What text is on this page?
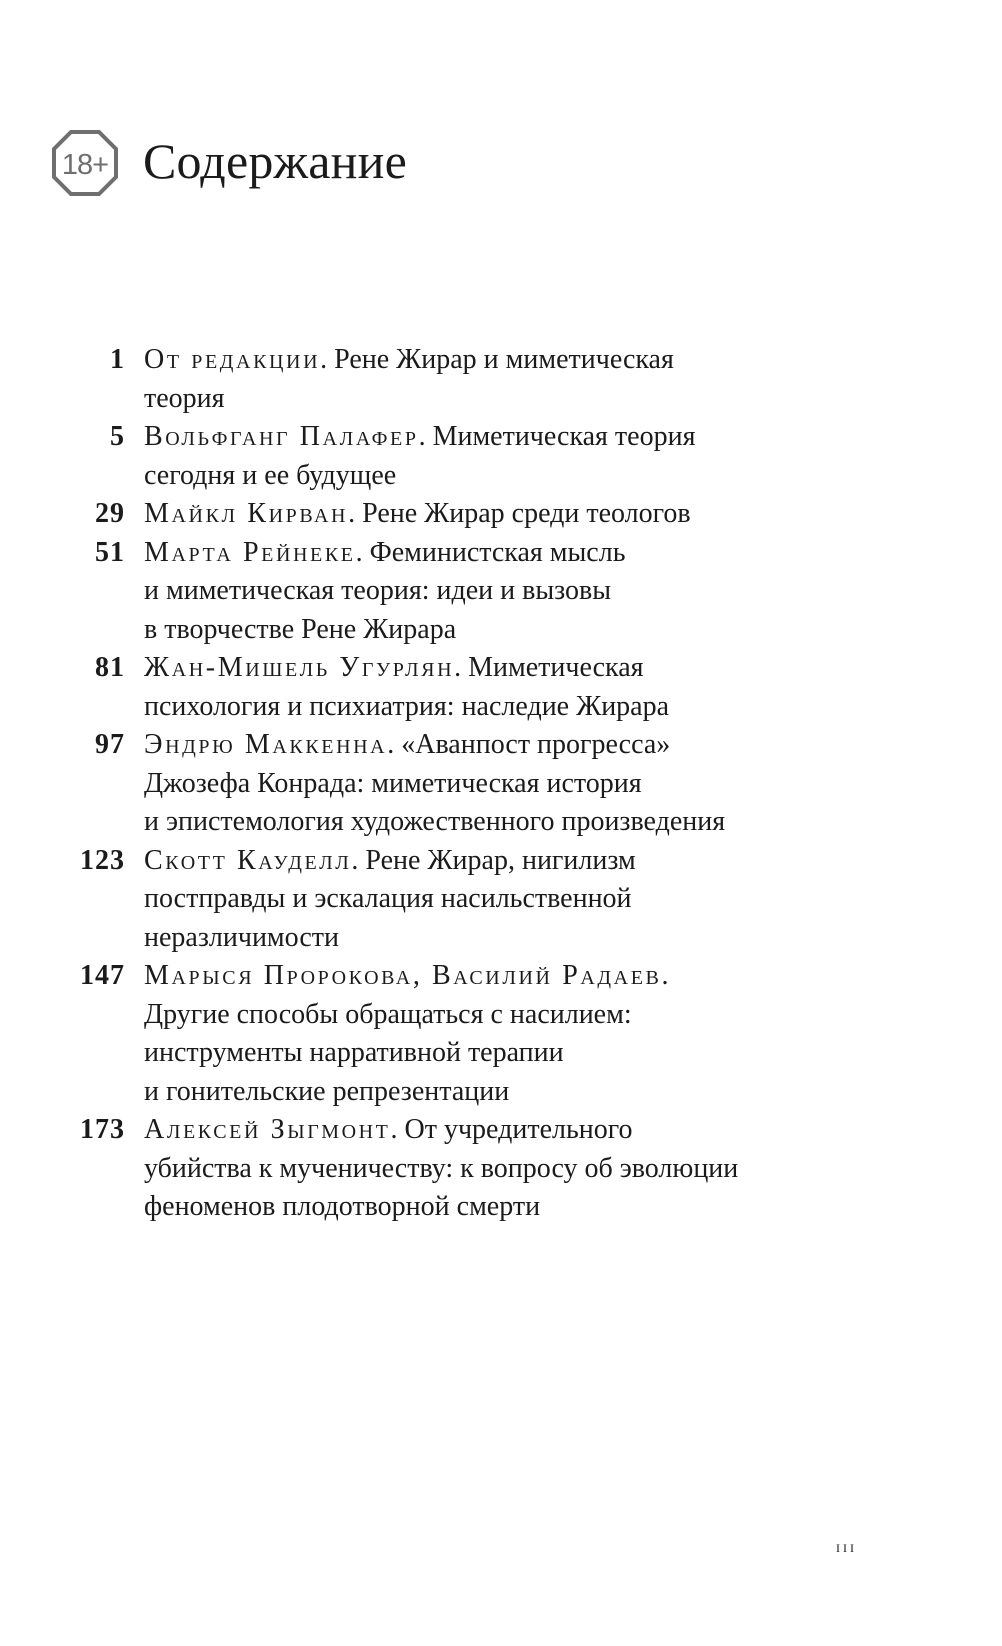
18+ Содержание
1 От редакции. Рене Жирар и миметическая
теория
5 Вольфганг Палафер. Миметическая теория
сегодня и ее будущее
29 Майкл Кирван. Рене Жирар среди теологов
51 Марта Рейнеке. Феминистская мысль
и миметическая теория: идеи и вызовы
в творчестве Рене Жирара
81 Жан-Мишель Угурлян. Миметическая
психология и психиатрия: наследие Жирара
97 Эндрю Маккенна. «Аванпост прогресса»
Джозефа Конрада: миметическая история
и эпистемология художественного произведения
123 Скотт Кауделл. Рене Жирар, нигилизм
постправды и эскалация насильственной
неразличимости
147 Марыся Пророкова, Василий Радаев.
Другие способы обращаться с насилием:
инструменты нарративной терапии
и гонительские репрезентации
173 Алексей Зыгмонт. От учредительного
убийства к мученичеству: к вопросу об эволюции
феноменов плодотворной смерти
iii
